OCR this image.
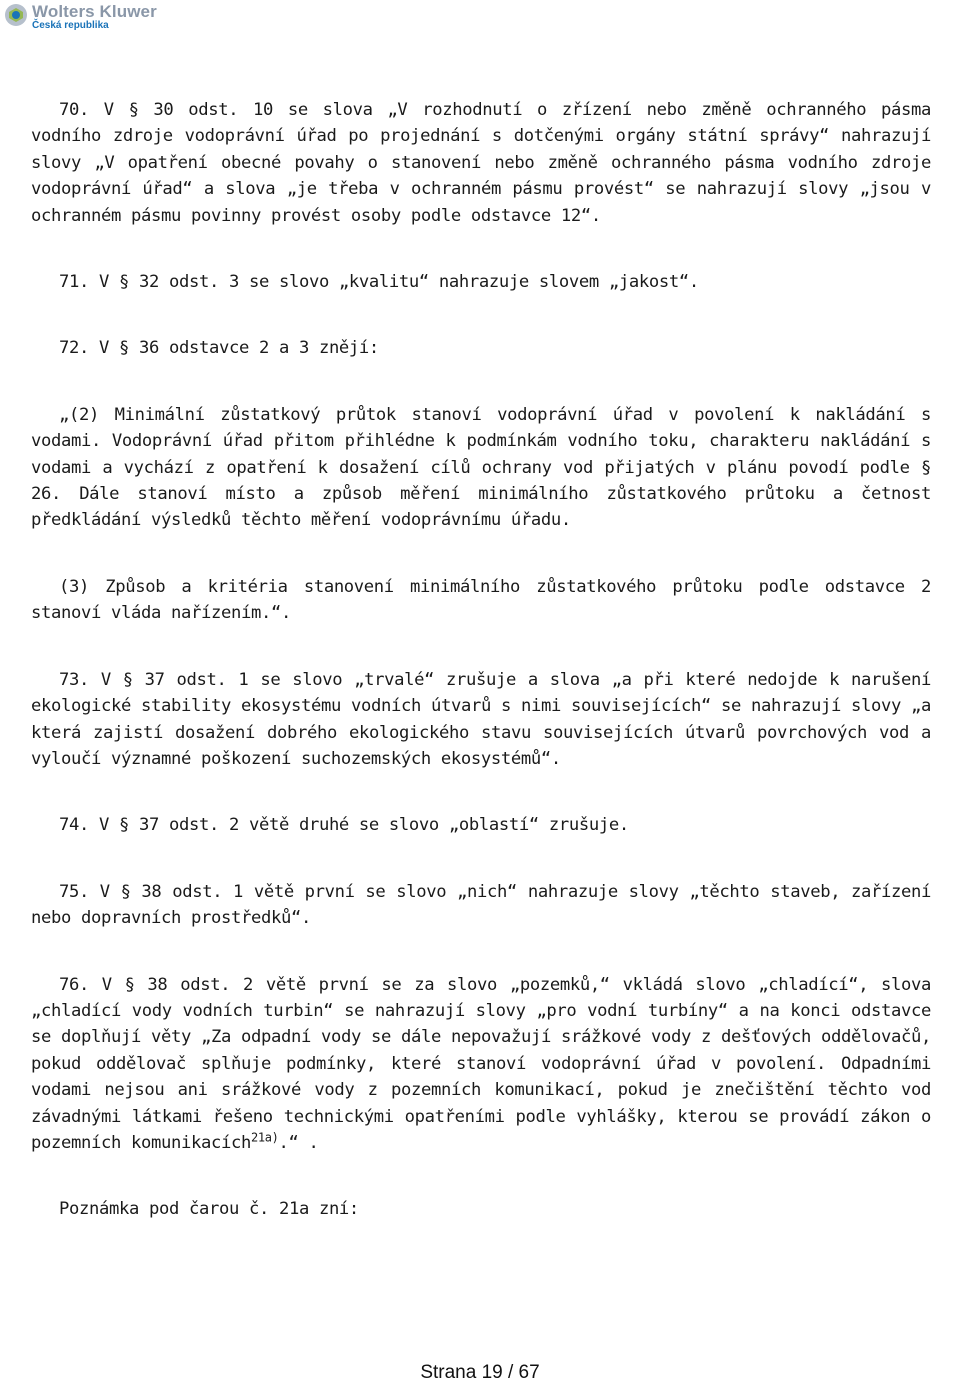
Wolters Kluwer
Česká republika

70. V § 30 odst. 10 se slova „V rozhodnutí o zřízení nebo změně ochranného pásma vodního zdroje vodoprávní úřad po projednání s dotčenými orgány státní správy“ nahrazují slovy „V opatření obecné povahy o stanovení nebo změně ochranného pásma vodního zdroje vodoprávní úřad“ a slova „je třeba v ochranném pásmu provést“ se nahrazují slovy „jsou v ochranném pásmu povinny provést osoby podle odstavce 12“.

71. V § 32 odst. 3 se slovo „kvalitu“ nahrazuje slovem „jakost“.

72. V § 36 odstavce 2 a 3 znějí:

„(2) Minimální zůstatkový průtok stanoví vodoprávní úřad v povolení k nakládání s vodami. Vodoprávní úřad přitom přihlédne k podmínkám vodního toku, charakteru nakládání s vodami a vychází z opatření k dosažení cílů ochrany vod přijatých v plánu povodí podle § 26. Dále stanoví místo a způsob měření minimálního zůstatkového průtoku a četnost předkládání výsledků těchto měření vodoprávnímu úřadu.

(3) Způsob a kritéria stanovení minimálního zůstatkového průtoku podle odstavce 2 stanoví vláda nařízením.“.

73. V § 37 odst. 1 se slovo „trvalé“ zrušuje a slova „a při které nedojde k narušení ekologické stability ekosystému vodních útvarů s nimi souvisejících“ se nahrazují slovy „a která zajistí dosažení dobrého ekologického stavu souvisejících útvarů povrchových vod a vyloučí významné poškození suchozemských ekosystémů“.

74. V § 37 odst. 2 větě druhé se slovo „oblastí“ zrušuje.

75. V § 38 odst. 1 větě první se slovo „nich“ nahrazuje slovy „těchto staveb, zařízení nebo dopravních prostředků“.

76. V § 38 odst. 2 větě první se za slovo „pozemků,“ vkládá slovo „chladící“, slova „chladící vody vodních turbin“ se nahrazují slovy „pro vodní turbíny“ a na konci odstavce se doplňují věty „Za odpadní vody se dále nepovažují srážkové vody z dešťových oddělovačů, pokud oddělovač splňuje podmínky, které stanoví vodoprávní úřad v povolení. Odpadními vodami nejsou ani srážkové vody z pozemních komunikací, pokud je znečištění těchto vod závadnými látkami řešeno technickými opatřeními podle vyhlášky, kterou se provádí zákon o pozemních komunikacích$^{21a)}$.“ .

Poznámka pod čarou č. 21a zní:

Strana 19 / 67
